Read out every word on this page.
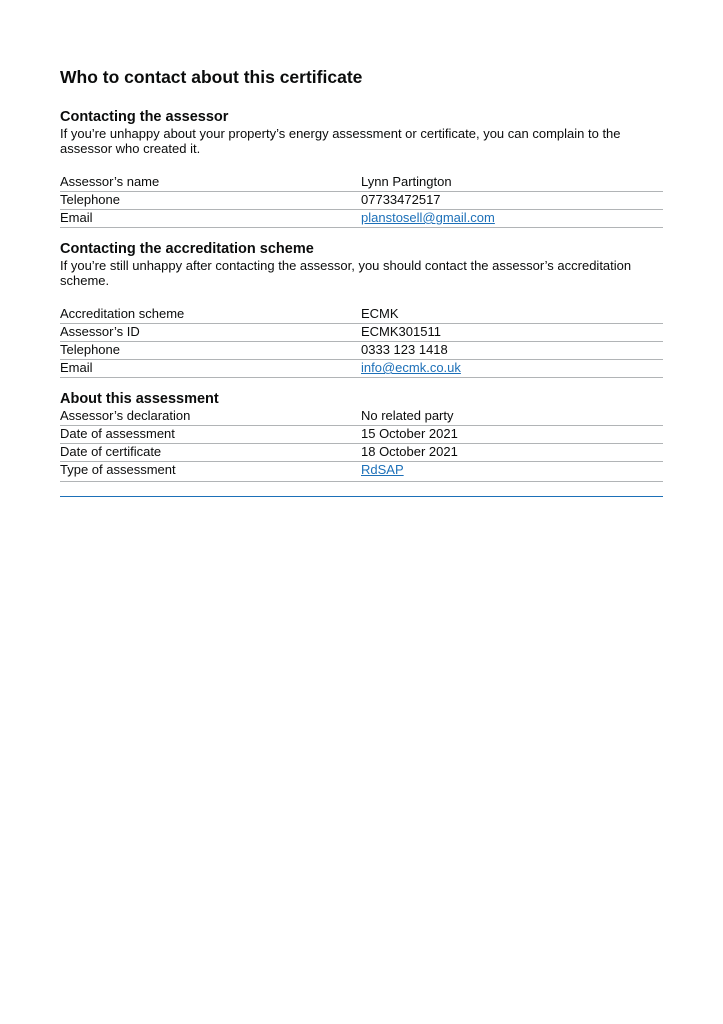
Who to contact about this certificate
Contacting the assessor

If you’re unhappy about your property’s energy assessment or certificate, you can complain to the assessor who created it.

Assessor’s name	Lynn Partington
Telephone	07733472517
Email	planstosell@gmail.com
Contacting the accreditation scheme

If you’re still unhappy after contacting the assessor, you should contact the assessor’s accreditation scheme.

Accreditation scheme	ECMK
Assessor’s ID	ECMK301511
Telephone	0333 123 1418
Email	info@ecmk.co.uk
About this assessment
Assessor’s declaration	No related party
Date of assessment	15 October 2021
Date of certificate	18 October 2021
Type of assessment	RdSAP
